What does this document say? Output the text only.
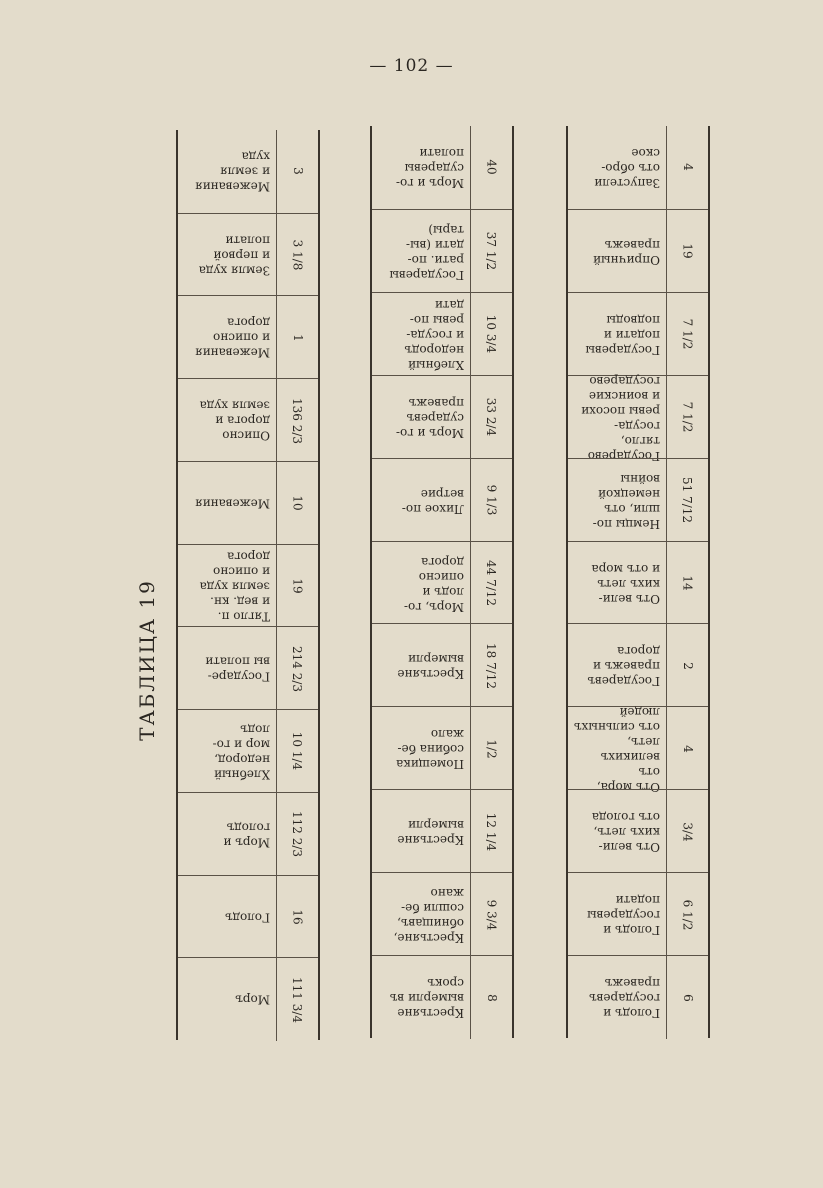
— 102 —
ТАБЛИЦА 19
Межевания
и земля
худа
3
Земля худа
и первой
полати 3 1/8
Межевания
и описно
дорога
1
Описно
дорога и
земля худа 136 2/3
Межевания 10
Тягло п.
и вед. кн.
земля худа
и описно
дорога
19
Государе-
вы полати 214 2/3
Хлебный
недород,
мор и го-
лодъ
10 1/4
Моръ и
голодъ 112 2/3
Голодъ 16
Моръ 111 3/4
Моръ и го-
сударевы
полати
40
Государевы
рати. по-
дати (вы-
тары)
37 1/2
Хлебный
недородъ
и госуда-
ревы по-
дати
10 3/4
Моръ и го-
сударевъ
правежъ 33 2/4
Лихое по-
ветрие 9 1/3
Моръ, го-
лодъ и
описно
дорога 44 7/12
Крестьяне
вымерли 18 7/12
Помещика
собина бе-
жало
1/2
Крестьяне
вымерли 12 1/4
Крестьяне,
обнищавъ,
сошли бе-
жано
9 3/4
Крестьяне
вымерли въ
срокъ
8
Запустели
отъ обро-
ское
4
Опричный
правежъ 19
Государевы
подати и
подводы 7 1/2
Государево
тягло, госуда-
ревы посохи
и воинские
государево
7 1/2
Немцы по-
шли, отъ
немецкой
войны 51 7/12
Отъ вели-
кихъ летъ
и отъ мора
14
Государевъ
правежъ и
дорога
2
Отъ мора, отъ
великихъ летъ,
отъ сильныхъ
людей
4
Отъ вели-
кихъ летъ,
отъ голода
3/4
Голодъ и
государевы
подати 6 1/2
Голодъ и
государевъ
правежъ
6
